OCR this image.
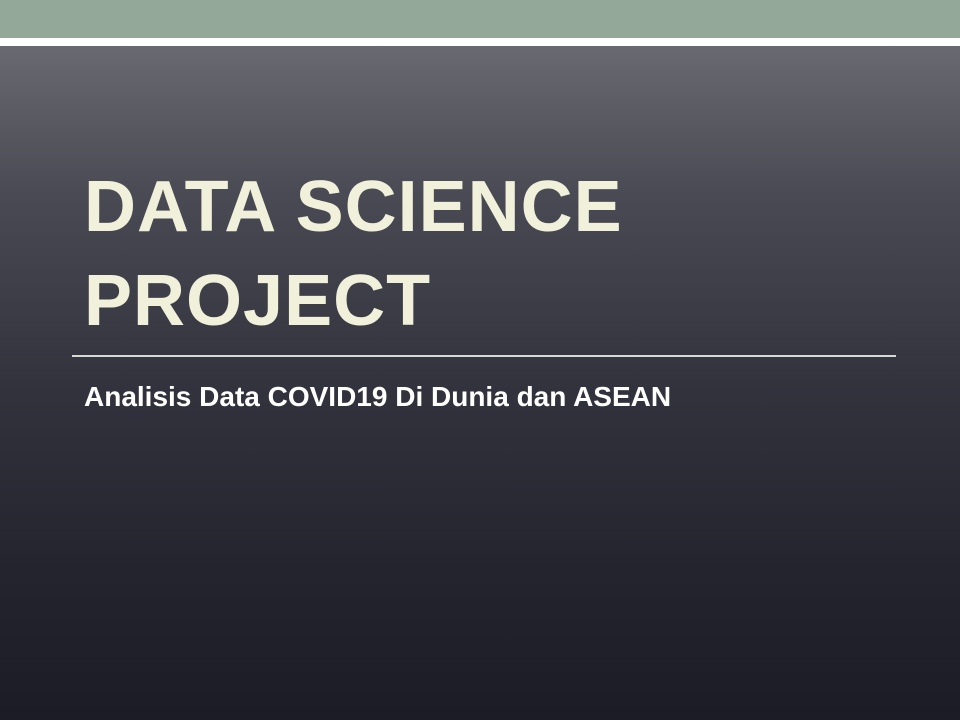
DATA SCIENCE
PROJECT

Analisis Data COVID19 Di Dunia dan ASEAN
